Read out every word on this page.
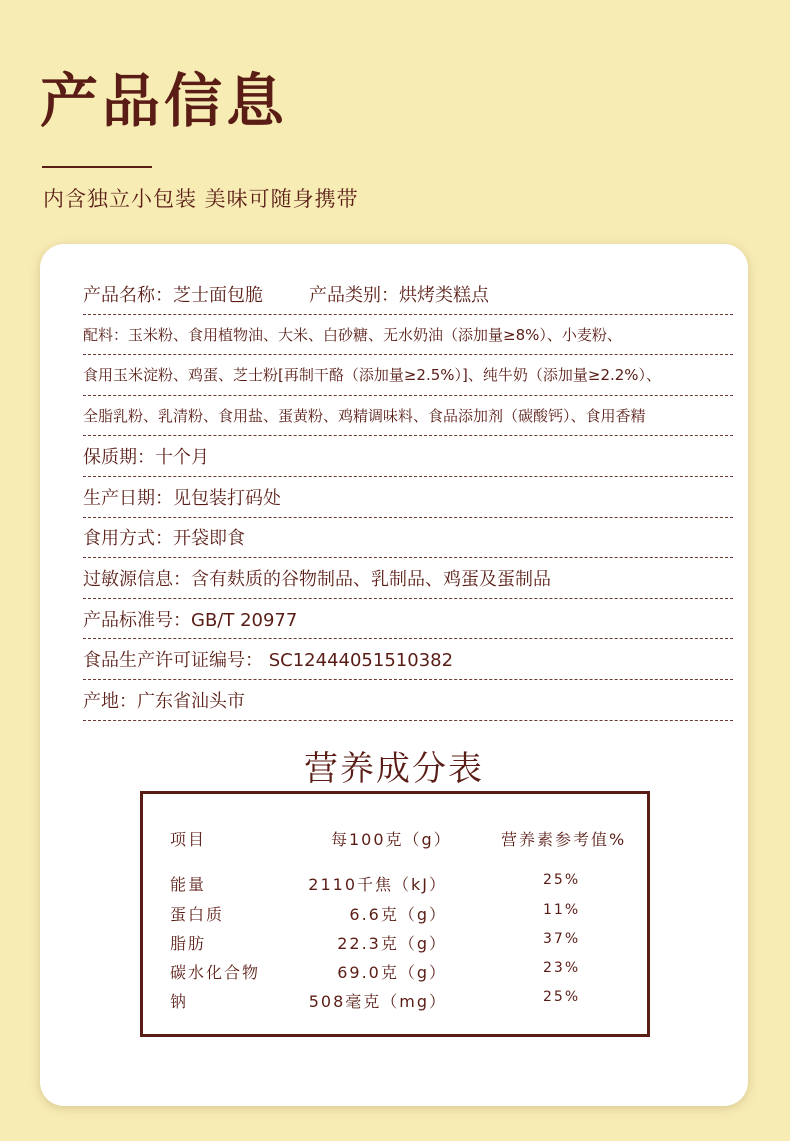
产品信息
内含独立小包装 美味可随身携带
产品名称：芝士面包脆	产品类别：烘烤类糕点
配料：玉米粉、食用植物油、大米、白砂糖、无水奶油（添加量≥8%）、小麦粉、
食用玉米淀粉、鸡蛋、芝士粉[再制干酪（添加量≥2.5%）]、纯牛奶（添加量≥2.2%）、
全脂乳粉、乳清粉、食用盐、蛋黄粉、鸡精调味料、食品添加剂（碳酸钙）、食用香精
保质期：十个月
生产日期：见包装打码处
食用方式：开袋即食
过敏源信息：含有麸质的谷物制品、乳制品、鸡蛋及蛋制品
产品标准号：GB/T 20977
食品生产许可证编号： SC12444051510382
产地：广东省汕头市
营养成分表
项目	每100克（g）	营养素参考值%
能量	2110千焦（kJ）	25%
蛋白质	6.6克（g）	11%
脂肪	22.3克（g）	37%
碳水化合物	69.0克（g）	23%
钠	508毫克（mg）	25%
